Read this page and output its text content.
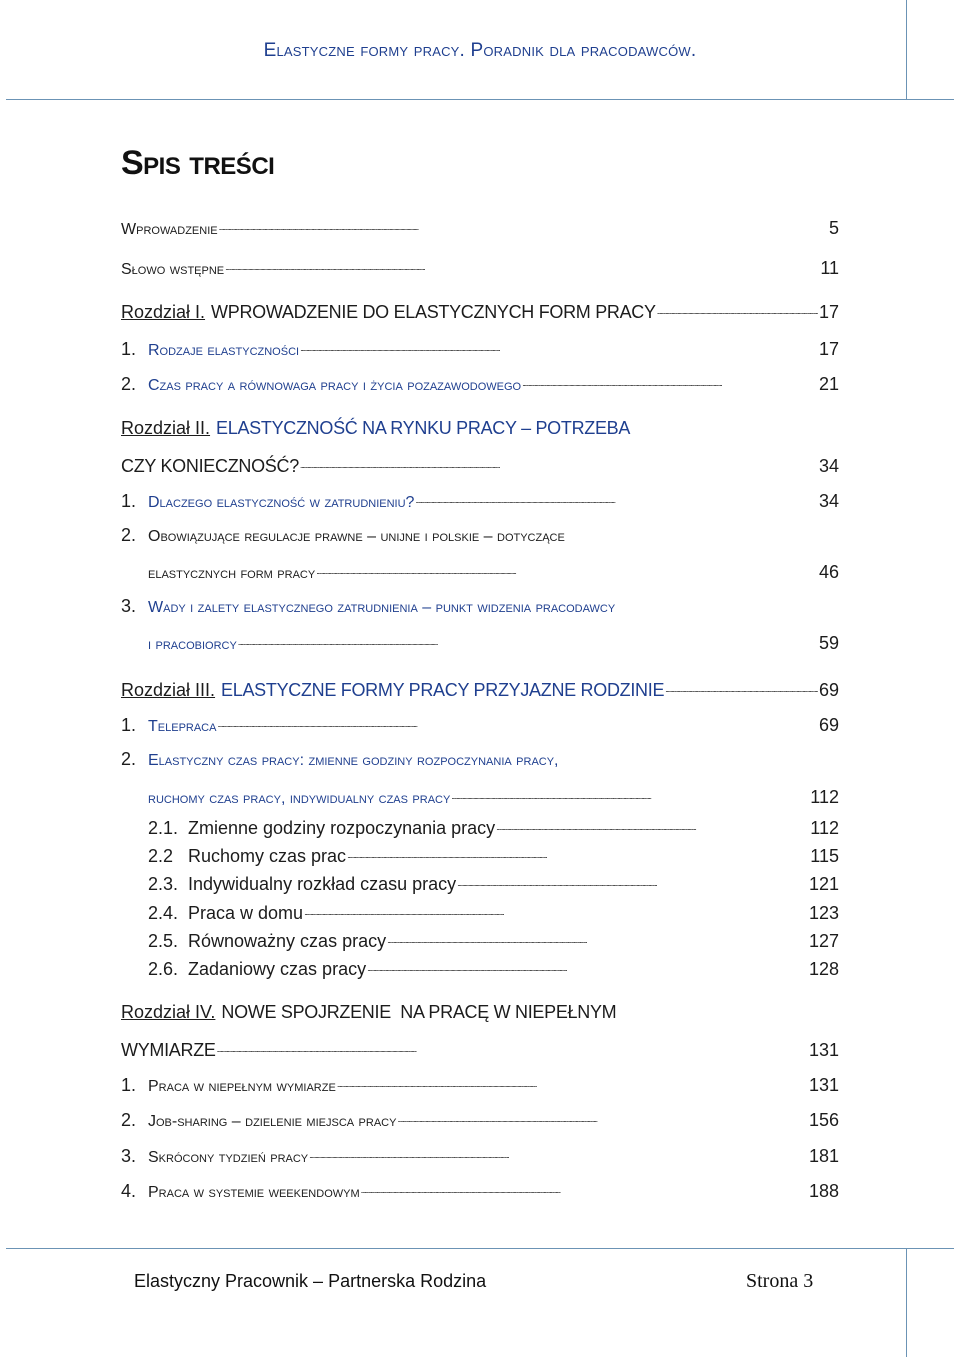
Elastyczne formy pracy. Poradnik dla pracodawców.
Spis treści
Wprowadzenie . . .	5
Słowo wstępne . . .	11
Rozdział I. WPROWADZENIE DO ELASTYCZNYCH FORM PRACY . . .	17
1. Rodzaje elastyczności . . .	17
2. Czas pracy a równowaga pracy i życia pozazawodowego . . .	21
Rozdział II. ELASTYCZNOŚĆ NA RYNKU PRACY – POTRZEBA
CZY KONIECZNOŚĆ? . . .	34
1. Dlaczego elastyczność w zatrudnieniu? . . .	34
2. Obowiązujące regulacje prawne – unijne i polskie – dotyczące
elastycznych form pracy . . .	46
3. Wady i zalety elastycznego zatrudnienia – punkt widzenia pracodawcy
i pracobiorcy . . .	59
Rozdział III. ELASTYCZNE FORMY PRACY PRZYJAZNE RODZINIE . . .	69
1. Telepraca . . .	69
2. Elastyczny czas pracy: zmienne godziny rozpoczynania pracy,
ruchomy czas pracy, indywidualny czas pracy . . .	112
2.1. Zmienne godziny rozpoczynania pracy . . .	112
2.2 Ruchomy czas prac . . .	115
2.3. Indywidualny rozkład czasu pracy . . .	121
2.4. Praca w domu . . .	123
2.5. Równoważny czas pracy . . .	127
2.6. Zadaniowy czas pracy . . .	128
Rozdział IV. NOWE SPOJRZENIE  NA PRACĘ W NIEPEŁNYM
WYMIARZE . . .	131
1. Praca w niepełnym wymiarze . . .	131
2. Job-sharing – dzielenie miejsca pracy . . .	156
3. Skrócony tydzień pracy . . .	181
4. Praca w systemie weekendowym . . .	188
Elastyczny Pracownik – Partnerska Rodzina	Strona 3
